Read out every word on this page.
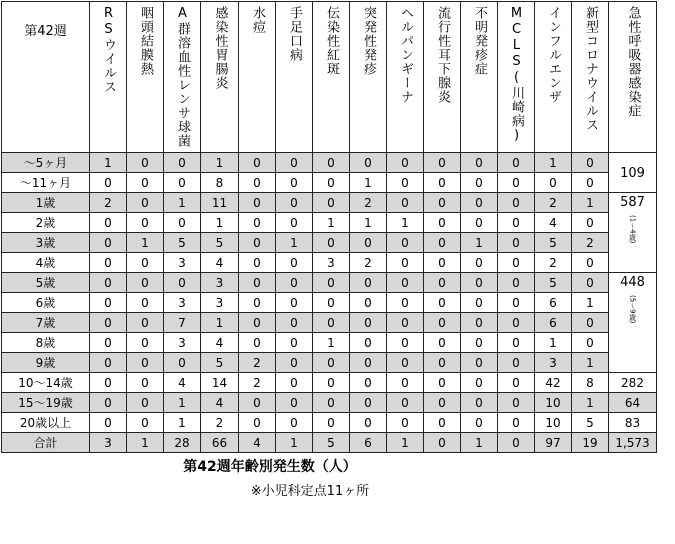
第42週	RSウイルス	咽頭結膜熱	A群溶血性レンサ球菌	感染性胃腸炎	水痘	手足口病	伝染性紅斑	突発性発疹	ヘルパンギーナ	流行性耳下腺炎	不明発疹症	MCLS(川崎病)	インフルエンザ	新型コロナウイルス	急性呼吸器感染症
～5ヶ月	1	0	0	1	0	0	0	0	0	0	0	0	1	0	109

～11ヶ月	0	0	0	8	0	0	0	1	0	0	0	0	0	0	
1歳	2	0	1	11	0	0	0	2	0	0	0	0	2	1	587
(1～4歳)
2歳	0	0	0	1	0	0	1	1	1	0	0	0	4	0	
3歳	0	1	5	5	0	1	0	0	0	0	1	0	5	2	
4歳	0	0	3	4	0	0	3	2	0	0	0	0	2	0	
5歳	0	0	0	3	0	0	0	0	0	0	0	0	5	0	448
(5～9歳)
6歳	0	0	3	3	0	0	0	0	0	0	0	0	6	1	
7歳	0	0	7	1	0	0	0	0	0	0	0	0	6	0	
8歳	0	0	3	4	0	0	1	0	0	0	0	0	1	0	
9歳	0	0	0	5	2	0	0	0	0	0	0	0	3	1	
10～14歳	0	0	4	14	2	0	0	0	0	0	0	0	42	8	282
15～19歳	0	0	1	4	0	0	0	0	0	0	0	0	10	1	64
20歳以上	0	0	1	2	0	0	0	0	0	0	0	0	10	5	83
合計	3	1	28	66	4	1	5	6	1	0	1	0	97	19	1,573
第42週年齢別発生数（人）
※小児科定点11ヶ所
